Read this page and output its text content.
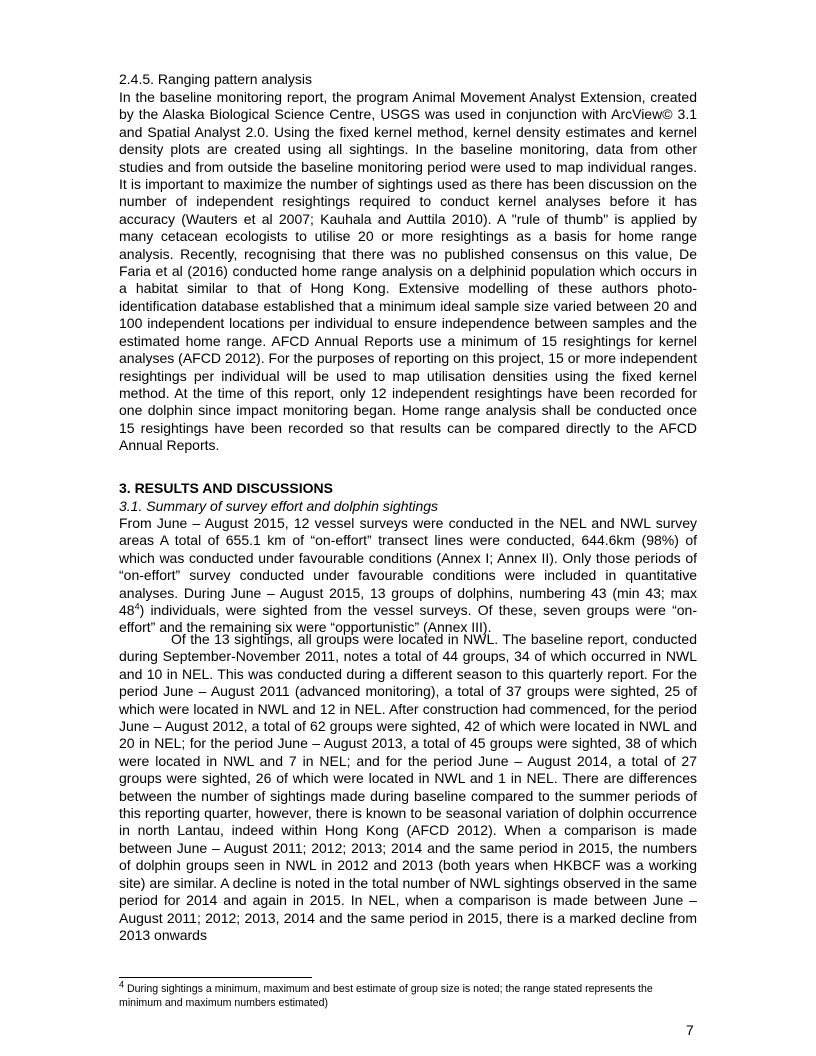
2.4.5. Ranging pattern analysis

In the baseline monitoring report, the program Animal Movement Analyst Extension, created by the Alaska Biological Science Centre, USGS was used in conjunction with ArcView© 3.1 and Spatial Analyst 2.0. Using the fixed kernel method, kernel density estimates and kernel density plots are created using all sightings. In the baseline monitoring, data from other studies and from outside the baseline monitoring period were used to map individual ranges. It is important to maximize the number of sightings used as there has been discussion on the number of independent resightings required to conduct kernel analyses before it has accuracy (Wauters et al 2007; Kauhala and Auttila 2010). A "rule of thumb" is applied by many cetacean ecologists to utilise 20 or more resightings as a basis for home range analysis. Recently, recognising that there was no published consensus on this value, De Faria et al (2016) conducted home range analysis on a delphinid population which occurs in a habitat similar to that of Hong Kong. Extensive modelling of these authors photo-identification database established that a minimum ideal sample size varied between 20 and 100 independent locations per individual to ensure independence between samples and the estimated home range. AFCD Annual Reports use a minimum of 15 resightings for kernel analyses (AFCD 2012). For the purposes of reporting on this project, 15 or more independent resightings per individual will be used to map utilisation densities using the fixed kernel method. At the time of this report, only 12 independent resightings have been recorded for one dolphin since impact monitoring began. Home range analysis shall be conducted once 15 resightings have been recorded so that results can be compared directly to the AFCD Annual Reports.

3. RESULTS AND DISCUSSIONS

3.1. Summary of survey effort and dolphin sightings

From June – August 2015, 12 vessel surveys were conducted in the NEL and NWL survey areas A total of 655.1 km of “on-effort” transect lines were conducted, 644.6km (98%) of which was conducted under favourable conditions (Annex I; Annex II). Only those periods of “on-effort” survey conducted under favourable conditions were included in quantitative analyses. During June – August 2015, 13 groups of dolphins, numbering 43 (min 43; $\max 48^4$) individuals, were sighted from the vessel surveys. Of these, seven groups were “on-effort” and the remaining six were “opportunistic” (Annex III).

Of the 13 sightings, all groups were located in NWL. The baseline report, conducted during September-November 2011, notes a total of 44 groups, 34 of which occurred in NWL and 10 in NEL. This was conducted during a different season to this quarterly report. For the period June – August 2011 (advanced monitoring), a total of 37 groups were sighted, 25 of which were located in NWL and 12 in NEL. After construction had commenced, for the period June – August 2012, a total of 62 groups were sighted, 42 of which were located in NWL and 20 in NEL; for the period June – August 2013, a total of 45 groups were sighted, 38 of which were located in NWL and 7 in NEL; and for the period June – August 2014, a total of 27 groups were sighted, 26 of which were located in NWL and 1 in NEL. There are differences between the number of sightings made during baseline compared to the summer periods of this reporting quarter, however, there is known to be seasonal variation of dolphin occurrence in north Lantau, indeed within Hong Kong (AFCD 2012). When a comparison is made between June – August 2011; 2012; 2013; 2014 and the same period in 2015, the numbers of dolphin groups seen in NWL in 2012 and 2013 (both years when HKBCF was a working site) are similar. A decline is noted in the total number of NWL sightings observed in the same period for 2014 and again in 2015. In NEL, when a comparison is made between June – August 2011; 2012; 2013, 2014 and the same period in 2015, there is a marked decline from 2013 onwards

$^4$ During sightings a minimum, maximum and best estimate of group size is noted; the range stated represents the minimum and maximum numbers estimated)

7
